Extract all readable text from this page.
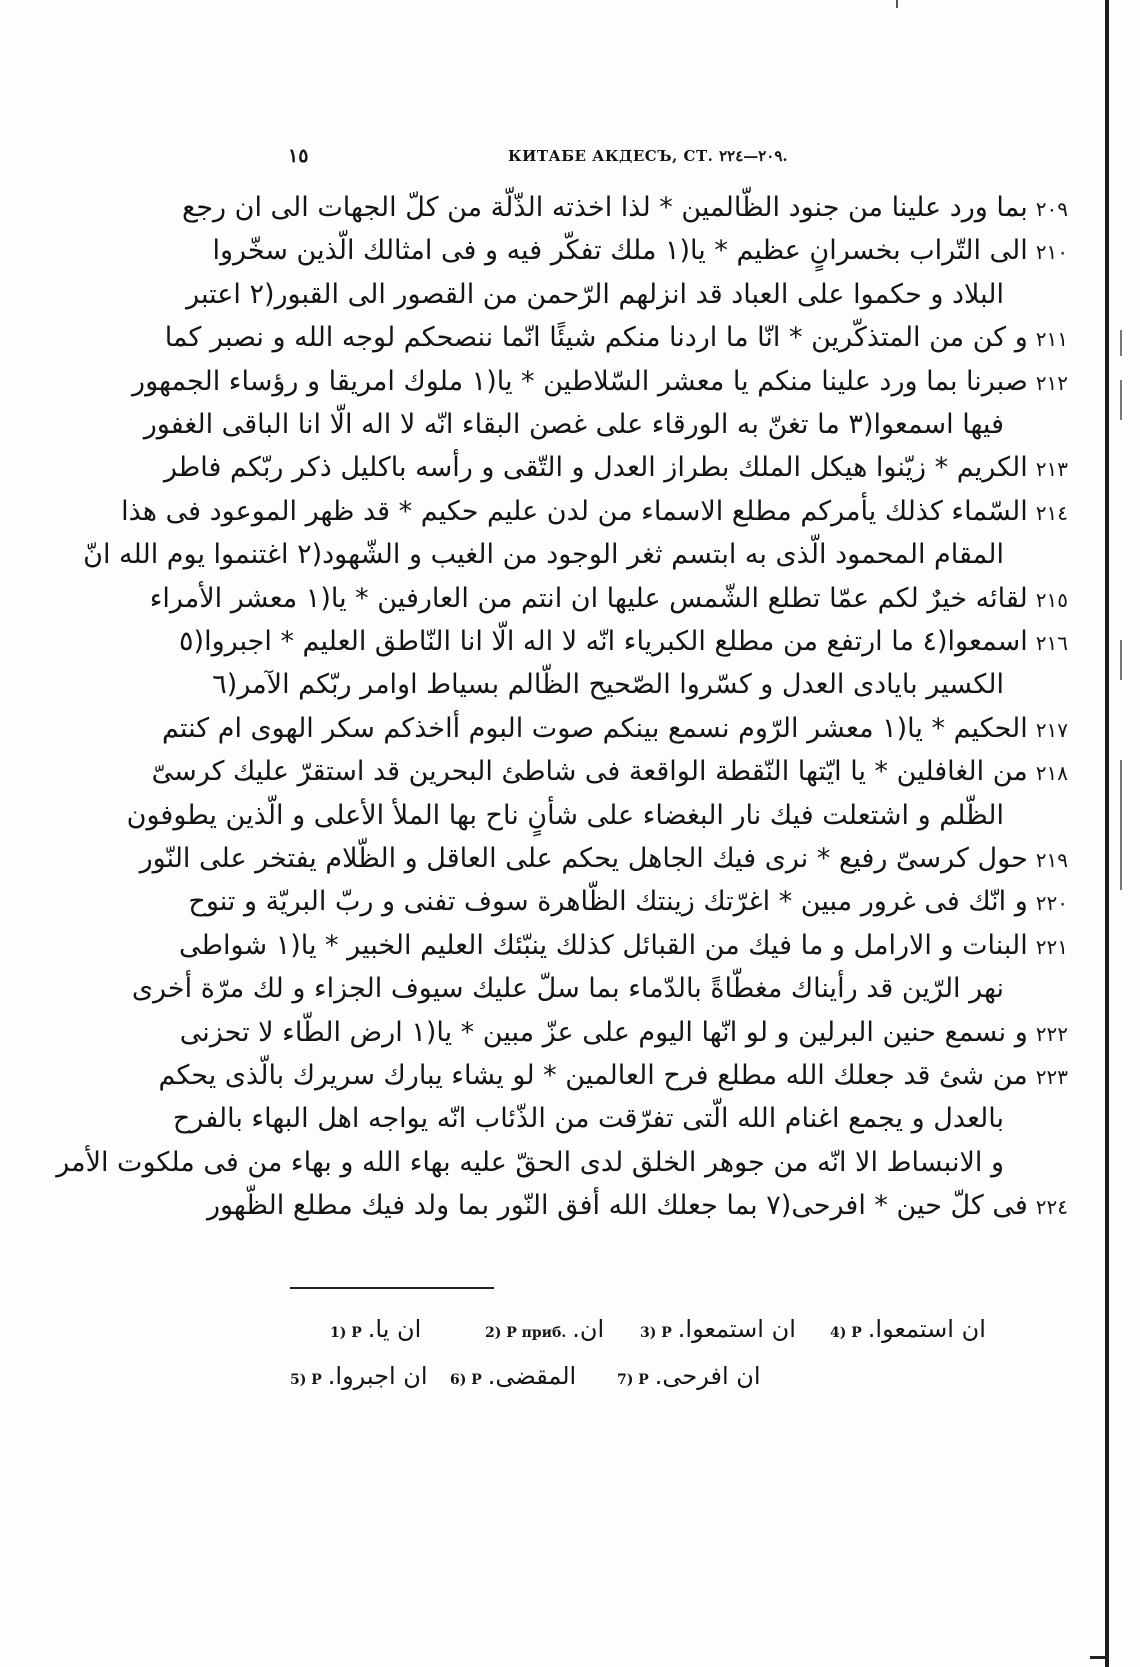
١٥	КИТАБЕ АКДЕСЪ, СТ. ٢٠٩—٢٢٤.
٢٠٩بما ورد علينا من جنود الظّالمين * لذا اخذته الذّلّة من كلّ الجهات الى ان رجع
٢١٠الى التّراب بخسرانٍ عظيم * يا(١ ملك تفكّر فيه و فى امثالك الّذين سخّروا
البلاد و حكموا على العباد قد انزلهم الرّحمن من القصور الى القبور(٢ اعتبر
٢١١و كن من المتذكّرين * انّا ما اردنا منكم شيئًا انّما ننصحكم لوجه الله و نصبر كما
٢١٢صبرنا بما ورد علينا منكم يا معشر السّلاطين * يا(١ ملوك امريقا و رؤساء الجمهور
فيها اسمعوا(٣ ما تغنّ به الورقاء على غصن البقاء انّه لا اله الّا انا الباقى الغفور
٢١٣الكريم * زيّنوا هيكل الملك بطراز العدل و التّقى و رأسه باكليل ذكر ربّكم فاطر
٢١٤السّماء كذلك يأمركم مطلع الاسماء من لدن عليم حكيم * قد ظهر الموعود فى هذا
المقام المحمود الّذى به ابتسم ثغر الوجود من الغيب و الشّهود(٢ اغتنموا يوم الله انّ
٢١٥لقائه خيرٌ لكم عمّا تطلع الشّمس عليها ان انتم من العارفين * يا(١ معشر الأمراء
٢١٦اسمعوا(٤ ما ارتفع من مطلع الكبرياء انّه لا اله الّا انا النّاطق العليم * اجبروا(٥
الكسير بايادى العدل و كسّروا الصّحيح الظّالم بسياط اوامر ربّكم الآمر(٦
٢١٧الحكيم * يا(١ معشر الرّوم نسمع بينكم صوت البوم أاخذكم سكر الهوى ام كنتم
٢١٨من الغافلين * يا ايّتها النّقطة الواقعة فى شاطئ البحرين قد استقرّ عليك كرسىّ
الظّلم و اشتعلت فيك نار البغضاء على شأنٍ ناح بها الملأ الأعلى و الّذين يطوفون
٢١٩حول كرسىّ رفيع * نرى فيك الجاهل يحكم على العاقل و الظّلام يفتخر على النّور
٢٢٠و انّك فى غرور مبين * اغرّتك زينتك الظّاهرة سوف تفنى و ربّ البريّة و تنوح
٢٢١البنات و الارامل و ما فيك من القبائل كذلك ينبّئك العليم الخبير * يا(١ شواطى
نهر الرّين قد رأيناك مغطّاةً بالدّماء بما سلّ عليك سيوف الجزاء و لك مرّة أخرى
٢٢٢و نسمع حنين البرلين و لو انّها اليوم على عزّ مبين * يا(١ ارض الطّاء لا تحزنى
٢٢٣من شئ قد جعلك الله مطلع فرح العالمين * لو يشاء يبارك سريرك بالّذى يحكم
بالعدل و يجمع اغنام الله الّتى تفرّقت من الذّئاب انّه يواجه اهل البهاء بالفرح
و الانبساط الا انّه من جوهر الخلق لدى الحقّ عليه بهاء الله و بهاء من فى ملكوت الأمر
٢٢٤فى كلّ حين * افرحى(٧ بما جعلك الله أفق النّور بما ولد فيك مطلع الظّهور
1) P ان يا.	2) P приб. ان.	3) P ان استمعوا. 4) P ان استمعوا.
5) P ان اجبروا. 6) P المقضى.	7) P ان افرحى.
